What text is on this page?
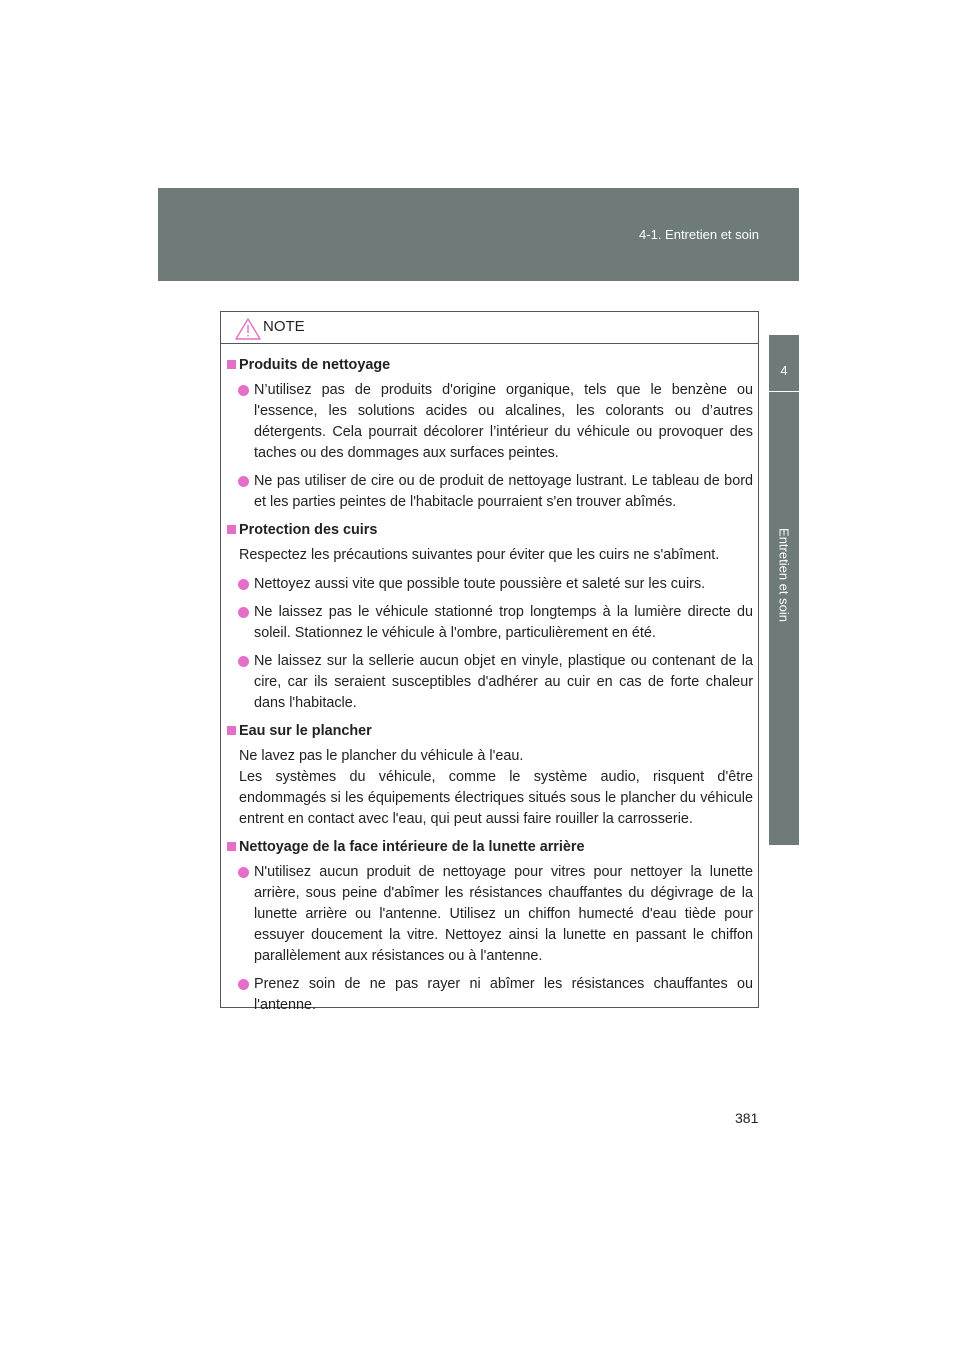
4-1. Entretien et soin
4
Entretien et soin
NOTE
Produits de nettoyage
N’utilisez pas de produits d'origine organique, tels que le benzène ou l'essence, les solutions acides ou alcalines, les colorants ou d’autres détergents. Cela pourrait décolorer l’intérieur du véhicule ou provoquer des taches ou des dommages aux surfaces peintes.
Ne pas utiliser de cire ou de produit de nettoyage lustrant. Le tableau de bord et les parties peintes de l'habitacle pourraient s'en trouver abîmés.
Protection des cuirs
Respectez les précautions suivantes pour éviter que les cuirs ne s'abîment.
Nettoyez aussi vite que possible toute poussière et saleté sur les cuirs.
Ne laissez pas le véhicule stationné trop longtemps à la lumière directe du soleil. Stationnez le véhicule à l'ombre, particulièrement en été.
Ne laissez sur la sellerie aucun objet en vinyle, plastique ou contenant de la cire, car ils seraient susceptibles d'adhérer au cuir en cas de forte chaleur dans l'habitacle.
Eau sur le plancher
Ne lavez pas le plancher du véhicule à l'eau.
Les systèmes du véhicule, comme le système audio, risquent d'être endommagés si les équipements électriques situés sous le plancher du véhicule entrent en contact avec l'eau, qui peut aussi faire rouiller la carrosserie.
Nettoyage de la face intérieure de la lunette arrière
N'utilisez aucun produit de nettoyage pour vitres pour nettoyer la lunette arrière, sous peine d'abîmer les résistances chauffantes du dégivrage de la lunette arrière ou l'antenne. Utilisez un chiffon humecté d'eau tiède pour essuyer doucement la vitre. Nettoyez ainsi la lunette en passant le chiffon parallèlement aux résistances ou à l'antenne.
Prenez soin de ne pas rayer ni abîmer les résistances chauffantes ou l'antenne.
381
